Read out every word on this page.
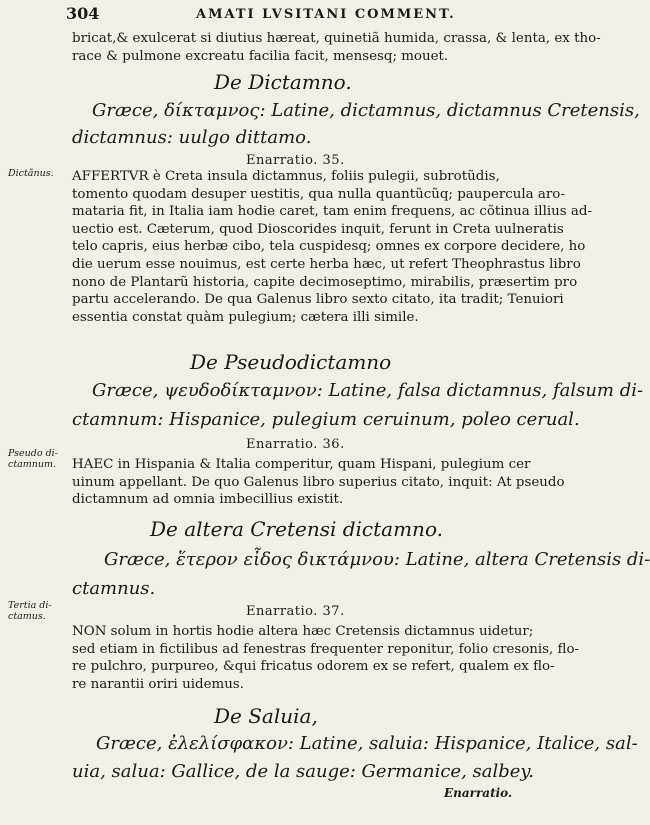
304	AMATI LVSITANI COMMENT.
bricat,& exulcerat si diutius hæreat, quinetiã humida, crassa, & lenta, ex tho-
race & pulmone excreatu facilia facit, mensesq; mouet.
De Dictamno.
Græce, δίκταμνος: Latine, dictamnus, dictamnus Cretensis,
dictamnus: uulgo dittamo.
Enarratio. 35.
Dictãnus.	AFFERTVR è Creta insula dictamnus, foliis pulegii, subrotũdis,
tomento quodam desuper uestitis, qua nulla quantũcũq; paupercula aro-
mataria fit, in Italia iam hodie caret, tam enim frequens, ac cõtinua illius ad-
uectio est. Cæterum, quod Dioscorides inquit, ferunt in Creta uulneratis
telo capris, eius herbæ cibo, tela cuspidesq; omnes ex corpore decidere, ho
die uerum esse nouimus, est certe herba hæc, ut refert Theophrastus libro
nono de Plantarũ historia, capite decimoseptimo, mirabilis, præsertim pro
partu accelerando. De qua Galenus libro sexto citato, ita tradit; Tenuiori
essentia constat quàm pulegium; cætera illi simile.
De Pseudodictamno
Græce, ψευδοδίκταμνον: Latine, falsa dictamnus, falsum di-
ctamnum: Hispanice, pulegium ceruinum, poleo cerual.
Enarratio. 36.
Pseudo di-ctamnum.	HAEC in Hispania & Italia comperitur, quam Hispani, pulegium cer
uinum appellant. De quo Galenus libro superius citato, inquit: At pseudo
dictamnum ad omnia imbecillius existit.
De altera Cretensi dictamno.
Græce, ἕτερον εἶδος δικτάμνου: Latine, altera Cretensis di-
ctamnus.
Enarratio. 37.
Tertia di-ctamus.
NON solum in hortis hodie altera hæc Cretensis dictamnus uidetur;
sed etiam in fictilibus ad fenestras frequenter reponitur, folio cresonis, flo-
re pulchro, purpureo, &qui fricatus odorem ex se refert, qualem ex flo-
re narantii oriri uidemus.
De Saluia,
Græce, ἐλελίσφακον: Latine, saluia: Hispanice, Italice, sal-
uia, salua: Gallice, de la sauge: Germanice, salbey.
Enarratio.
